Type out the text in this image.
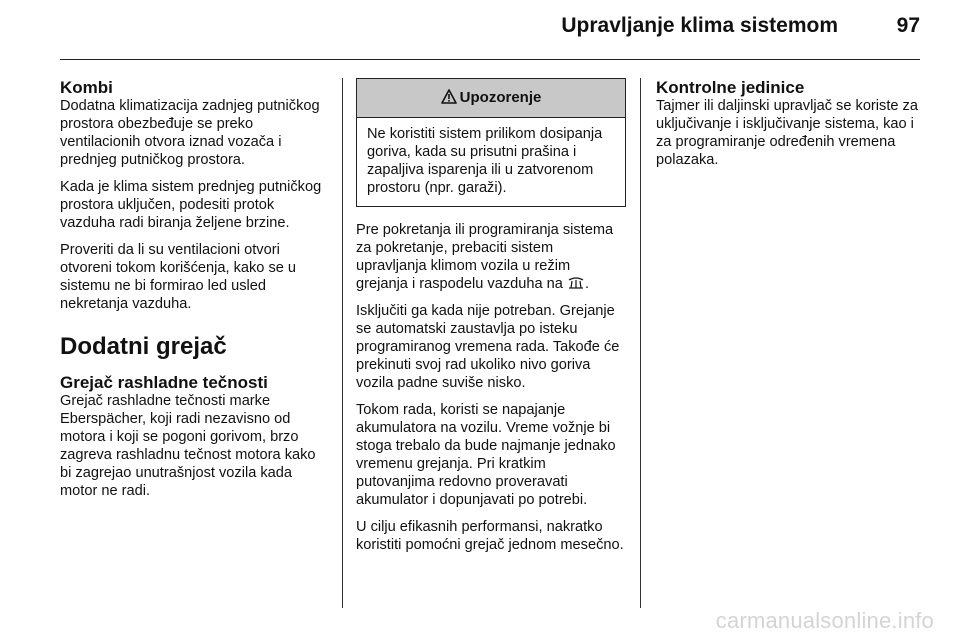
Upravljanje klima sistemom	97
Kombi

Dodatna klimatizacija zadnjeg putničkog prostora obezbeđuje se preko ventilacionih otvora iznad vozača i prednjeg putničkog prostora.

Kada je klima sistem prednjeg putničkog prostora uključen, podesiti protok vazduha radi biranja željene brzine.

Proveriti da li su ventilacioni otvori otvoreni tokom korišćenja, kako se u sistemu ne bi formirao led usled nekretanja vazduha.

Dodatni grejač
Grejač rashladne tečnosti

Grejač rashladne tečnosti marke Eberspächer, koji radi nezavisno od motora i koji se pogoni gorivom, brzo zagreva rashladnu tečnost motora kako bi zagrejao unutrašnjost vozila kada motor ne radi.

Upozorenje
Ne koristiti sistem prilikom dosipanja goriva, kada su prisutni prašina i zapaljiva isparenja ili u zatvorenom prostoru (npr. garaži).

Pre pokretanja ili programiranja sistema za pokretanje, prebaciti sistem upravljanja klimom vozila u režim grejanja i raspodelu vazduha na .

Isključiti ga kada nije potreban. Grejanje se automatski zaustavlja po isteku programiranog vremena rada. Takođe će prekinuti svoj rad ukoliko nivo goriva vozila padne suviše nisko.

Tokom rada, koristi se napajanje akumulatora na vozilu. Vreme vožnje bi stoga trebalo da bude najmanje jednako vremenu grejanja. Pri kratkim putovanjima redovno proveravati akumulator i dopunjavati po potrebi.

U cilju efikasnih performansi, nakratko koristiti pomoćni grejač jednom mesečno.

Kontrolne jedinice

Tajmer ili daljinski upravljač se koriste za uključivanje i isključivanje sistema, kao i za programiranje određenih vremena polazaka.

carmanualsonline.info
